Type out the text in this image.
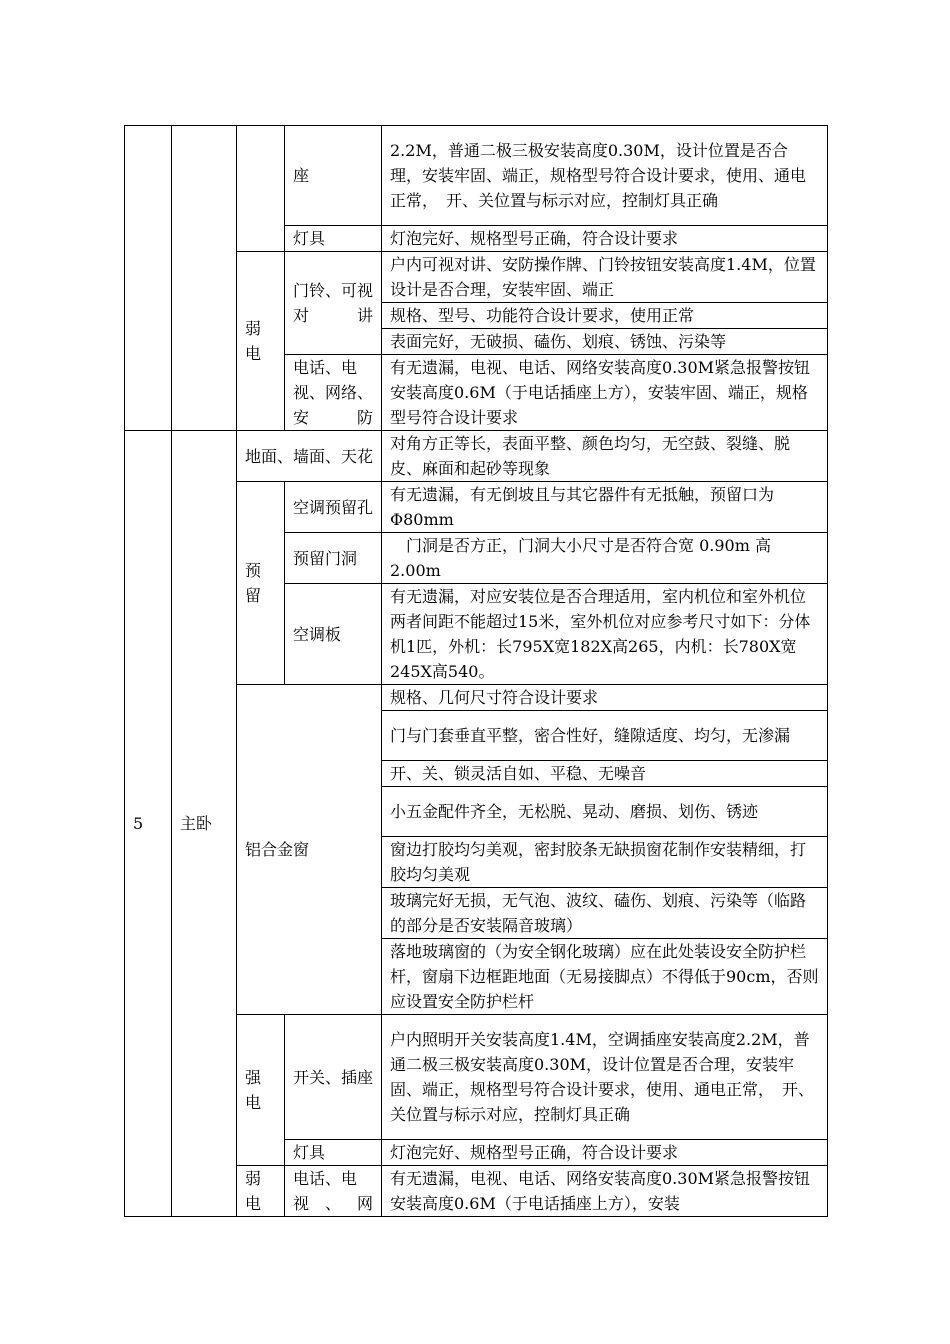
			座	2.2M，普通二极三极安装高度0.30M，设计位置是否合理，安装牢固、端正，规格型号符合设计要求，使用、通电正常，　开、关位置与标示对应，控制灯具正确
			灯具	灯泡完好、规格型号正确，符合设计要求

		弱电	门铃、可视对讲	户内可视对讲、安防操作牌、门铃按钮安装高度1.4M，位置设计是否合理，安装牢固、端正
				规格、型号、功能符合设计要求，使用正常
				表面完好，无破损、磕伤、划痕、锈蚀、污染等
			电话、电视、网络、安防	有无遗漏，电视、电话、网络安装高度0.30M紧急报警按钮安装高度0.6M（于电话插座上方），安装牢固、端正，规格型号符合设计要求
5	主卧	地面、墙面、天花		对角方正等长，表面平整、颜色均匀，无空鼓、裂缝、脱皮、麻面和起砂等现象

		预留	空调预留孔	有无遗漏，有无倒坡且与其它器件有无抵触，预留口为Φ80mm
			预留门洞	　门洞是否方正，门洞大小尺寸是否符合宽 0.90m 高2.00m
			空调板	有无遗漏，对应安装位是否合理适用，室内机位和室外机位两者间距不能超过15米，室外机位对应参考尺寸如下：分体机1匹，外机：长795X宽182X高265，内机：长780X宽245X高540。
		铝合金窗		规格、几何尺寸符合设计要求
				门与门套垂直平整，密合性好，缝隙适度、均匀，无渗漏
				开、关、锁灵活自如、平稳、无噪音
				小五金配件齐全，无松脱、晃动、磨损、划伤、锈迹
				窗边打胶均匀美观，密封胶条无缺损窗花制作安装精细，打胶均匀美观
				玻璃完好无损，无气泡、波纹、磕伤、划痕、污染等（临路的部分是否安装隔音玻璃）
				落地玻璃窗的（为安全钢化玻璃）应在此处装设安全防护栏杆，窗扇下边框距地面（无易接脚点）不得低于90cm，否则应设置安全防护栏杆

		强电	开关、插座	户内照明开关安装高度1.4M，空调插座安装高度2.2M，普通二极三极安装高度0.30M，设计位置是否合理，安装牢固、端正，规格型号符合设计要求，使用、通电正常，　开、关位置与标示对应，控制灯具正确
			灯具	灯泡完好、规格型号正确，符合设计要求

		弱电	电话、电视、网	有无遗漏，电视、电话、网络安装高度0.30M紧急报警按钮安装高度0.6M（于电话插座上方），安装
